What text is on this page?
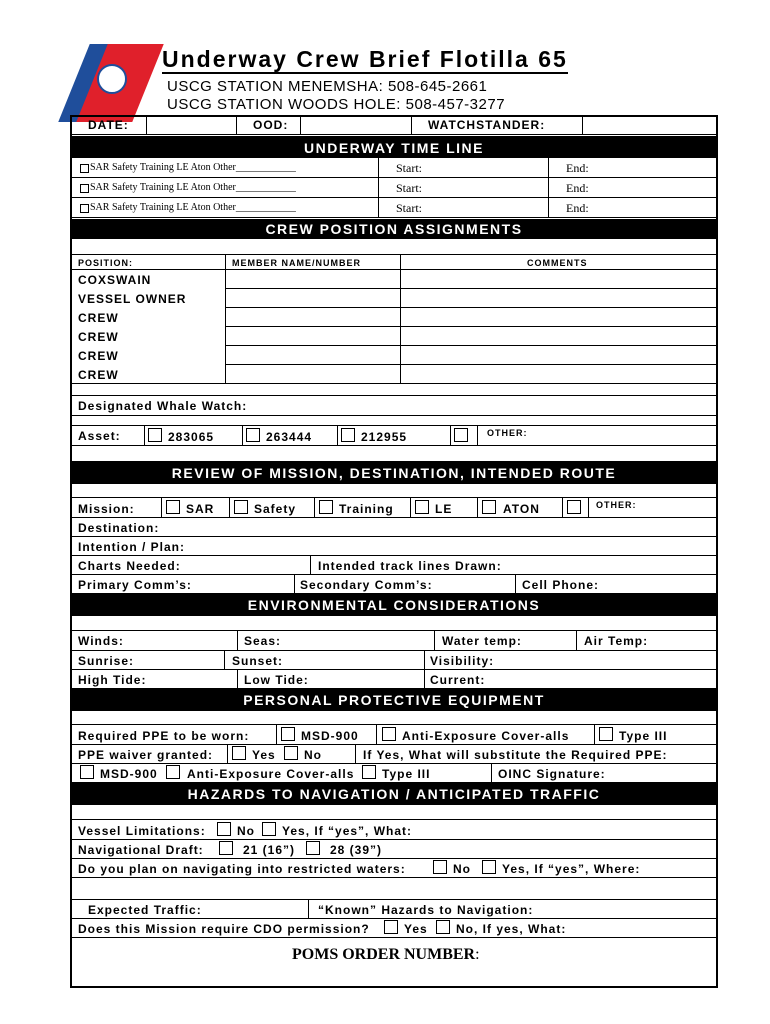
Underway Crew Brief Flotilla 65
USCG STATION MENEMSHA: 508-645-2661
USCG STATION WOODS HOLE: 508-457-3277
DATE:	OOD:	WATCHSTANDER:
UNDERWAY TIME LINE
SAR Safety Training LE Aton Other____________	Start:	End:
SAR Safety Training LE Aton Other____________	Start:	End:
SAR Safety Training LE Aton Other____________	Start:	End:
CREW POSITION ASSIGNMENTS
POSITION:	MEMBER NAME/NUMBER	COMMENTS
COXSWAIN
VESSEL OWNER
CREW
CREW
CREW
CREW
Designated Whale Watch:
Asset:	283065	263444	212955	OTHER:
REVIEW OF MISSION, DESTINATION, INTENDED ROUTE
Mission:	SAR	Safety	Training	LE	ATON	OTHER:
Destination:
Intention / Plan:
Charts Needed:	Intended track lines Drawn:
Primary Comm’s:	Secondary Comm’s:	Cell Phone:
ENVIRONMENTAL CONSIDERATIONS
Winds:	Seas:	Water temp:	Air Temp:
Sunrise:	Sunset:	Visibility:
High Tide:	Low Tide:	Current:
PERSONAL PROTECTIVE EQUIPMENT
Required PPE to be worn:	MSD-900	Anti-Exposure Cover-alls	Type III
PPE waiver granted:	Yes No	If Yes, What will substitute the Required PPE:
MSD-900 Anti-Exposure Cover-alls Type III	OINC Signature:
HAZARDS TO NAVIGATION / ANTICIPATED TRAFFIC
Vessel Limitations:	No Yes, If “yes”, What:
Navigational Draft:	21 (16”)	28 (39”)
Do you plan on navigating into restricted waters:	No	Yes, If “yes”, Where:
Expected Traffic:	“Known” Hazards to Navigation:
Does this Mission require CDO permission?	Yes No, If yes, What:
POMS ORDER NUMBER:
